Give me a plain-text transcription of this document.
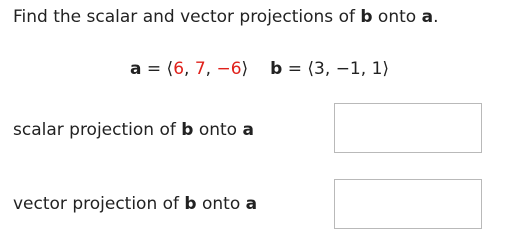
Find the scalar and vector projections of b onto a.
a = ⟨6, 7, −6⟩ b = ⟨3, −1, 1⟩
scalar projection of b onto a
vector projection of b onto a
